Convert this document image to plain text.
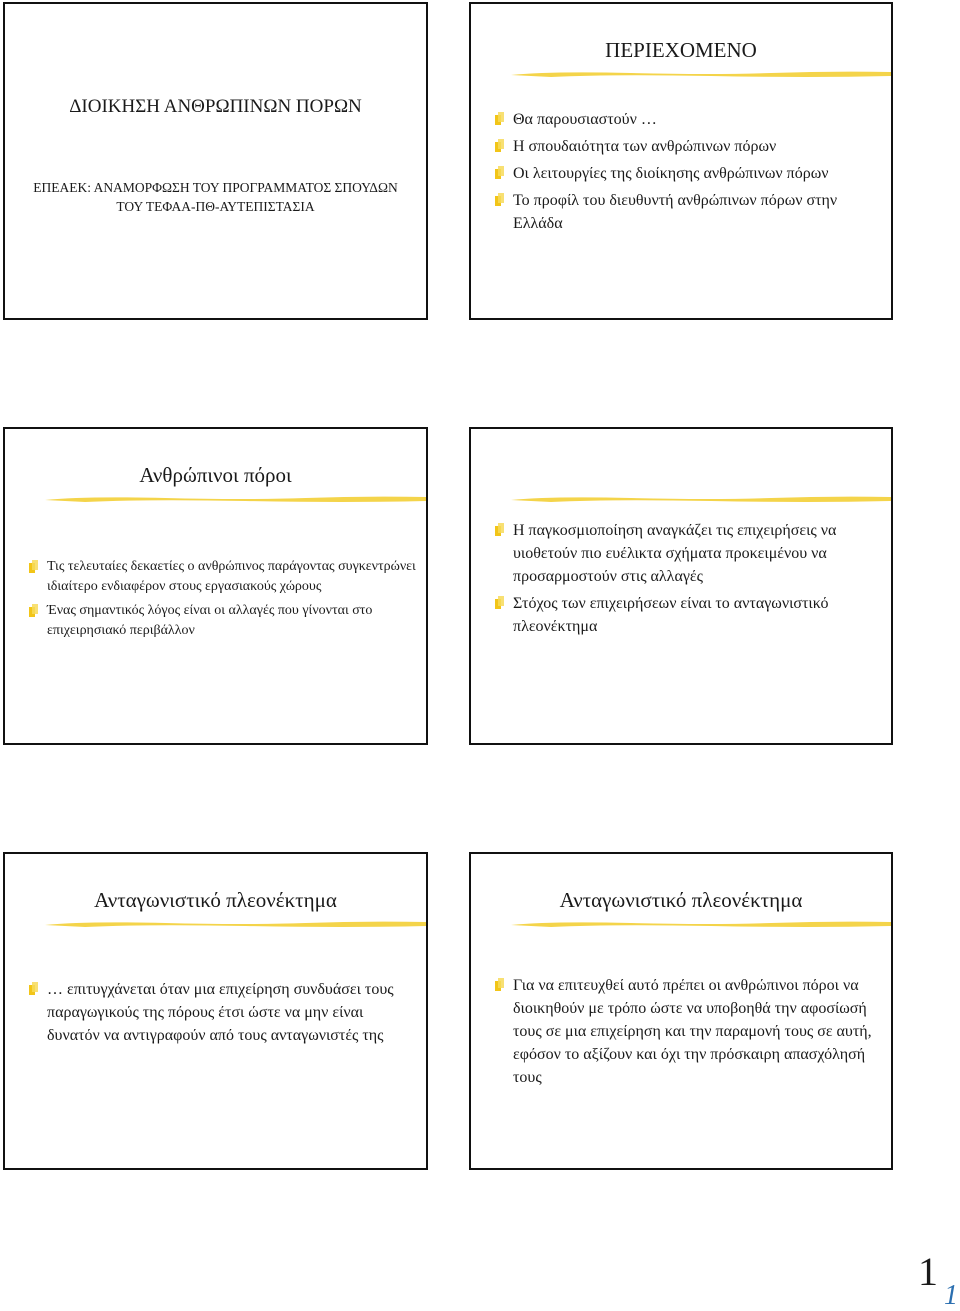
ΔΙΟΙΚΗΣΗ ΑΝΘΡΩΠΙΝΩΝ ΠΟΡΩΝ
ΕΠΕΑΕΚ: ΑΝΑΜΟΡΦΩΣΗ ΤΟΥ ΠΡΟΓΡΑΜΜΑΤΟΣ ΣΠΟΥΔΩΝ
ΤΟΥ ΤΕΦΑΑ-ΠΘ-ΑΥΤΕΠΙΣΤΑΣΙΑ
ΠΕΡΙΕΧΟΜΕΝΟ
Θα παρουσιαστούν …
Η σπουδαιότητα των ανθρώπινων πόρων
Οι λειτουργίες της διοίκησης ανθρώπινων πόρων
Το προφίλ του διευθυντή ανθρώπινων πόρων στην Ελλάδα
Ανθρώπινοι πόροι
Τις τελευταίες δεκαετίες ο ανθρώπινος παράγοντας συγκεντρώνει ιδιαίτερο ενδιαφέρον στους εργασιακούς χώρους
Ένας σημαντικός λόγος είναι οι αλλαγές που γίνονται στο επιχειρησιακό περιβάλλον
Η παγκοσμιοποίηση αναγκάζει τις επιχειρήσεις να υιοθετούν πιο ευέλικτα σχήματα προκειμένου να προσαρμοστούν στις αλλαγές
Στόχος των επιχειρήσεων είναι το ανταγωνιστικό πλεονέκτημα
Ανταγωνιστικό πλεονέκτημα
… επιτυγχάνεται όταν μια επιχείρηση συνδυάσει τους παραγωγικούς της πόρους έτσι ώστε να μην είναι δυνατόν να αντιγραφούν από τους ανταγωνιστές της
Ανταγωνιστικό πλεονέκτημα
Για να επιτευχθεί αυτό πρέπει οι ανθρώπινοι πόροι να διοικηθούν με τρόπο ώστε να υποβοηθά την αφοσίωσή τους σε μια επιχείρηση και την παραμονή τους σε αυτή, εφόσον το αξίζουν και όχι την πρόσκαιρη απασχόλησή τους
1
1
